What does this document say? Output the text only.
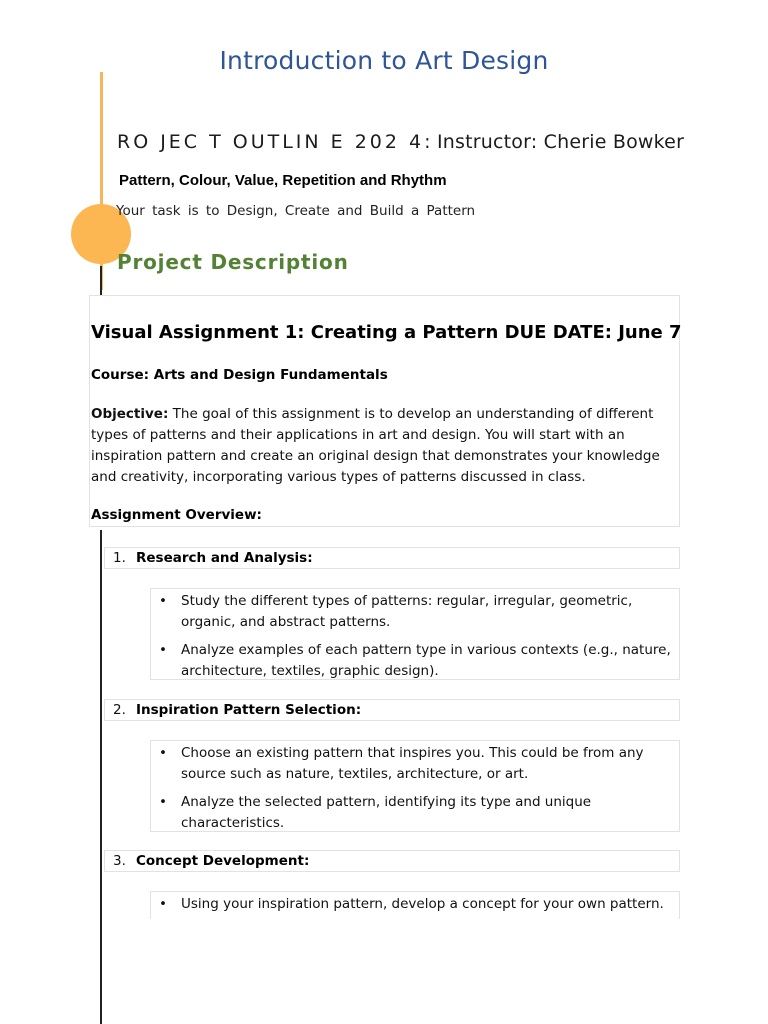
Introduction to Art Design
RO JEC T OUTLIN E 202 4: Instructor: Cherie Bowker
Pattern, Colour, Value, Repetition and Rhythm
Your task is to Design, Create and Build a Pattern
Project Description
Visual Assignment 1: Creating a Pattern DUE DATE: June 7
Course: Arts and Design Fundamentals
Objective: The goal of this assignment is to develop an understanding of different types of patterns and their applications in art and design. You will start with an inspiration pattern and create an original design that demonstrates your knowledge and creativity, incorporating various types of patterns discussed in class.
Assignment Overview:
1. Research and Analysis:
• Study the different types of patterns: regular, irregular, geometric, organic, and abstract patterns.
• Analyze examples of each pattern type in various contexts (e.g., nature, architecture, textiles, graphic design).
2. Inspiration Pattern Selection:
• Choose an existing pattern that inspires you. This could be from any source such as nature, textiles, architecture, or art.
• Analyze the selected pattern, identifying its type and unique characteristics.
3. Concept Development:
• Using your inspiration pattern, develop a concept for your own pattern.
